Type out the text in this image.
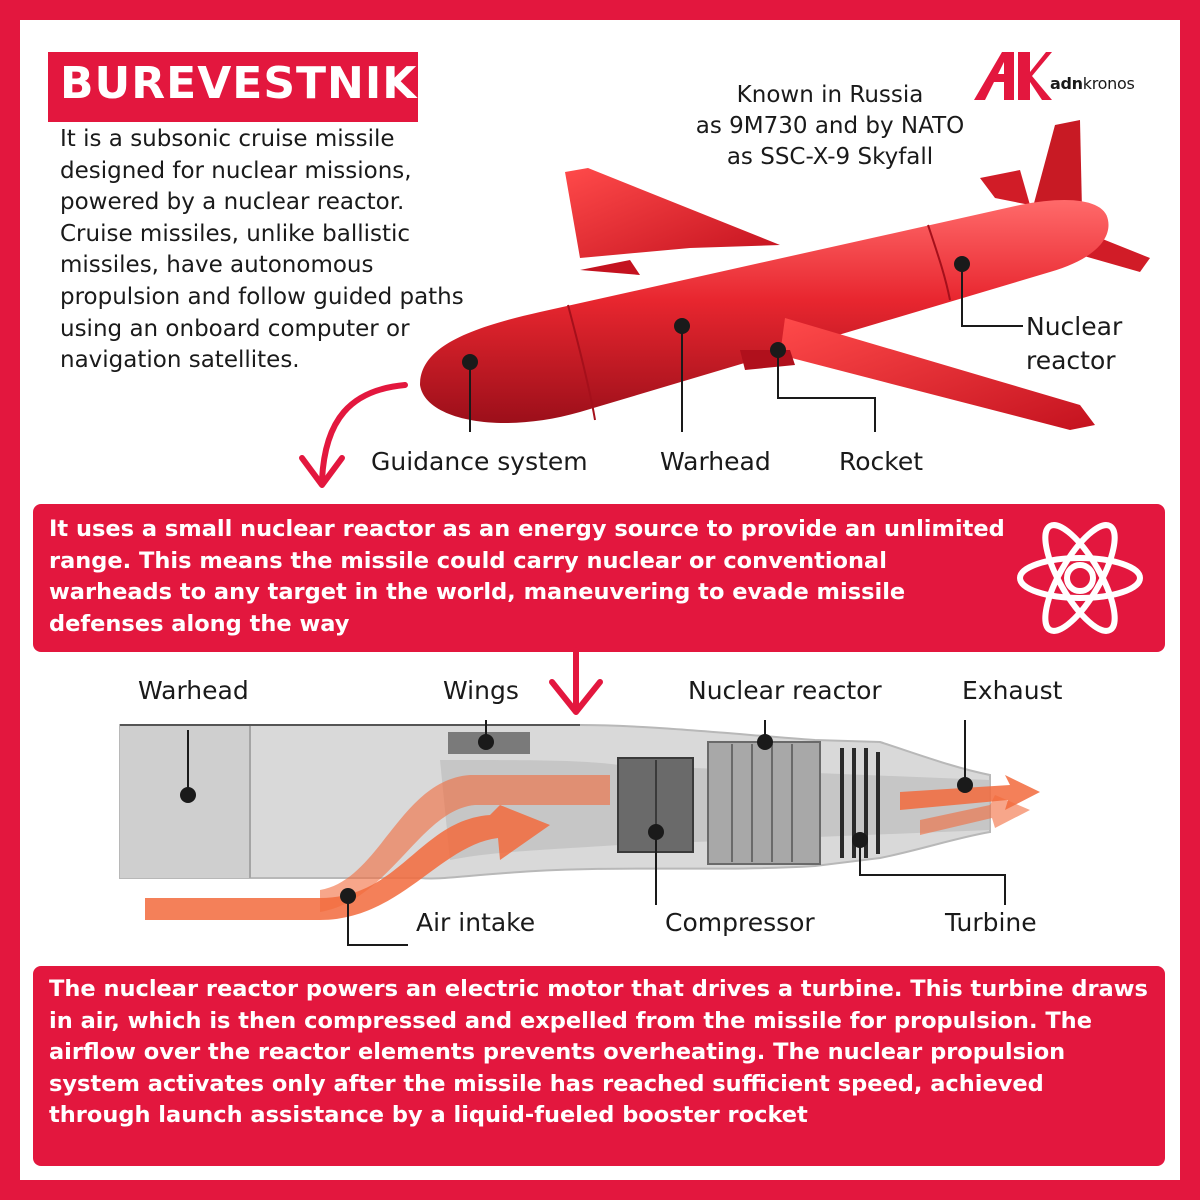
BUREVESTNIK
It is a subsonic cruise missile designed for nuclear missions, powered by a nuclear reactor. Cruise missiles, unlike ballistic missiles, have autonomous propulsion and follow guided paths using an onboard computer or navigation satellites.
adnkronos
Known in Russia
as 9M730 and by NATO
as SSC-X-9 Skyfall
Guidance system	Warhead	Rocket
Nuclear
reactor
It uses a small nuclear reactor as an energy source to provide an unlimited range. This means the missile could carry nuclear or conventional warheads to any target in the world, maneuvering to evade missile defenses along the way
Warhead	Wings	Nuclear reactor	Exhaust
Air intake	Compressor	Turbine
The nuclear reactor powers an electric motor that drives a turbine. This turbine draws in air, which is then compressed and expelled from the missile for propulsion. The airflow over the reactor elements prevents overheating. The nuclear propulsion system activates only after the missile has reached sufficient speed, achieved through launch assistance by a liquid-fueled booster rocket
